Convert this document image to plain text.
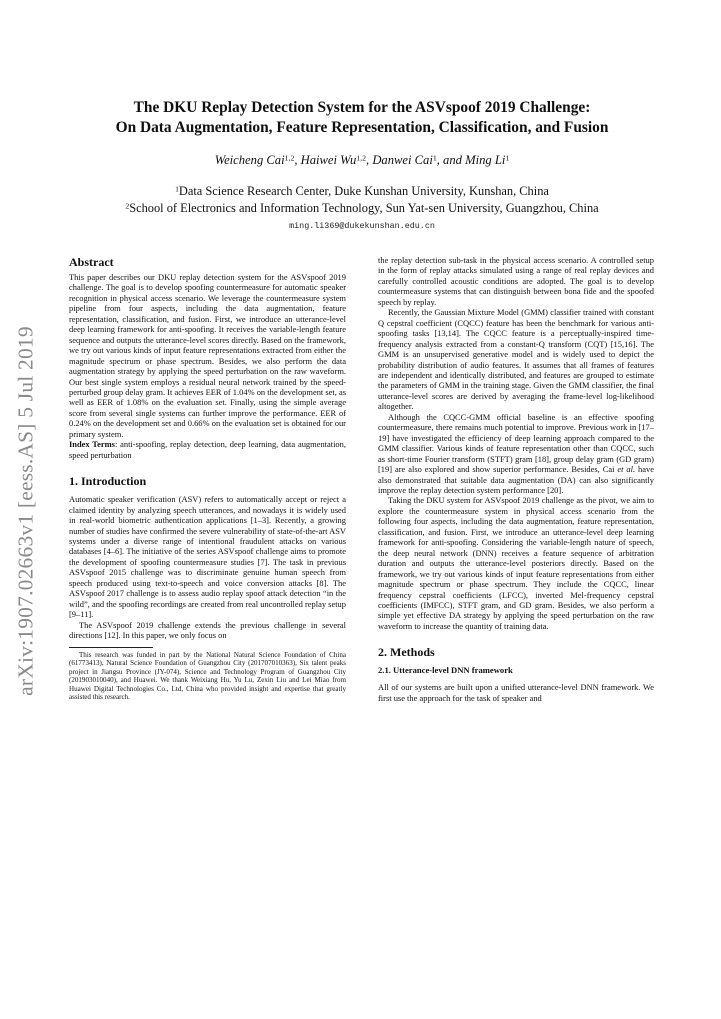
arXiv:1907.02663v1 [eess.AS] 5 Jul 2019
The DKU Replay Detection System for the ASVspoof 2019 Challenge:
On Data Augmentation, Feature Representation, Classification, and Fusion
Weicheng Cai$^{1,2}$, Haiwei Wu$^{1,2}$, Danwei Cai$^1$, and Ming Li$^1$
$^1$Data Science Research Center, Duke Kunshan University, Kunshan, China
$^2$School of Electronics and Information Technology, Sun Yat-sen University, Guangzhou, China
ming.li369@dukekunshan.edu.cn

Abstract

This paper describes our DKU replay detection system for the ASVspoof 2019 challenge. The goal is to develop spoofing countermeasure for automatic speaker recognition in physical access scenario. We leverage the countermeasure system pipeline from four aspects, including the data augmentation, feature representation, classification, and fusion. First, we introduce an utterance-level deep learning framework for anti-spoofing. It receives the variable-length feature sequence and outputs the utterance-level scores directly. Based on the framework, we try out various kinds of input feature representations extracted from either the magnitude spectrum or phase spectrum. Besides, we also perform the data augmentation strategy by applying the speed perturbation on the raw waveform. Our best single system employs a residual neural network trained by the speed-perturbed group delay gram. It achieves EER of 1.04% on the development set, as well as EER of 1.08% on the evaluation set. Finally, using the simple average score from several single systems can further improve the performance. EER of 0.24% on the development set and 0.66% on the evaluation set is obtained for our primary system.

Index Terms: anti-spoofing, replay detection, deep learning, data augmentation, speed perturbation

1. Introduction

Automatic speaker verification (ASV) refers to automatically accept or reject a claimed identity by analyzing speech utterances, and nowadays it is widely used in real-world biometric authentication applications [1–3]. Recently, a growing number of studies have confirmed the severe vulnerability of state-of-the-art ASV systems under a diverse range of intentional fraudulent attacks on various databases [4–6]. The initiative of the series ASVspoof challenge aims to promote the development of spoofing countermeasure studies [7]. The task in previous ASVspoof 2015 challenge was to discriminate genuine human speech from speech produced using text-to-speech and voice conversion attacks [8]. The ASVspoof 2017 challenge is to assess audio replay spoof attack detection “in the wild”, and the spoofing recordings are created from real uncontrolled replay setup [9–11].

The ASVspoof 2019 challenge extends the previous challenge in several directions [12]. In this paper, we only focus on

This research was funded in part by the National Natural Science Foundation of China (61773413), Natural Science Foundation of Guangzhou City (201707010363), Six talent peaks project in Jiangsu Province (JY-074), Science and Technology Program of Guangzhou City (201903010040), and Huawei. We thank Weixiang Hu, Yu Lu, Zexin Liu and Lei Miao from Huawei Digital Technologies Co., Ltd, China who provided insight and expertise that greatly assisted this research.

the replay detection sub-task in the physical access scenario. A controlled setup in the form of replay attacks simulated using a range of real replay devices and carefully controlled acoustic conditions are adopted. The goal is to develop countermeasure systems that can distinguish between bona fide and the spoofed speech by replay.

Recently, the Gaussian Mixture Model (GMM) classifier trained with constant Q cepstral coefficient (CQCC) feature has been the benchmark for various anti-spoofing tasks [13,14]. The CQCC feature is a perceptually-inspired time-frequency analysis extracted from a constant-Q transform (CQT) [15,16]. The GMM is an unsupervised generative model and is widely used to depict the probability distribution of audio features. It assumes that all frames of features are independent and identically distributed, and features are grouped to estimate the parameters of GMM in the training stage. Given the GMM classifier, the final utterance-level scores are derived by averaging the frame-level log-likelihood altogether.

Although the CQCC-GMM official baseline is an effective spoofing countermeasure, there remains much potential to improve. Previous work in [17–19] have investigated the efficiency of deep learning approach compared to the GMM classifier. Various kinds of feature representation other than CQCC, such as short-time Fourier transform (STFT) gram [18], group delay gram (GD gram) [19] are also explored and show superior performance. Besides, Cai et al. have also demonstrated that suitable data augmentation (DA) can also significantly improve the replay detection system performance [20].

Taking the DKU system for ASVspoof 2019 challenge as the pivot, we aim to explore the countermeasure system in physical access scenario from the following four aspects, including the data augmentation, feature representation, classification, and fusion. First, we introduce an utterance-level deep learning framework for anti-spoofing. Considering the variable-length nature of speech, the deep neural network (DNN) receives a feature sequence of arbitration duration and outputs the utterance-level posteriors directly. Based on the framework, we try out various kinds of input feature representations from either magnitude spectrum or phase spectrum. They include the CQCC, linear frequency cepstral coefficients (LFCC), inverted Mel-frequency cepstral coefficients (IMFCC), STFT gram, and GD gram. Besides, we also perform a simple yet effective DA strategy by applying the speed perturbation on the raw waveform to increase the quantity of training data.

2. Methods

2.1. Utterance-level DNN framework

All of our systems are built upon a unified utterance-level DNN framework. We first use the approach for the task of speaker and
